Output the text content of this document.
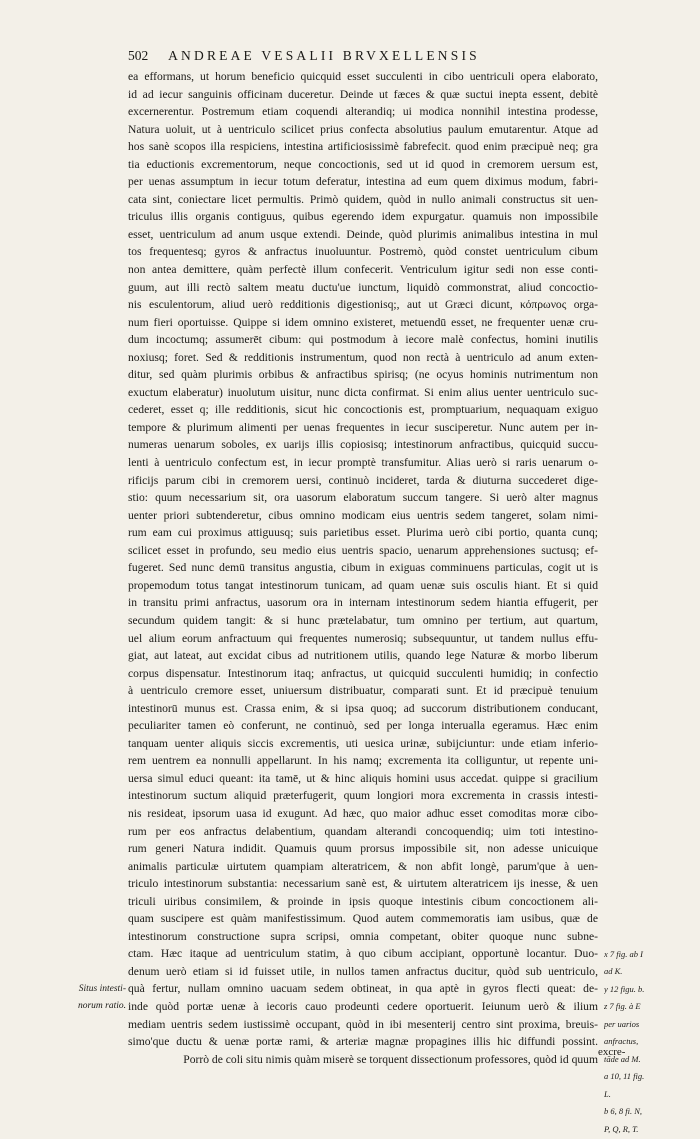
502 ANDREAE VESALII BRVXELLENSIS
ea efformans, ut horum beneficio quicquid esset succulenti in cibo uentriculi opera elaborato,
id ad iecur sanguinis officinam duceretur. Deinde ut fæces & quæ suctui inepta essent, debitè
excernerentur. Postremum etiam coquendi alterandiq; ui modica nonnihil intestina prodesse,
Natura uoluit, ut à uentriculo scilicet prius confecta absolutius paulum emutarentur. Atque ad
hos sanè scopos illa respiciens, intestina artificiosissimè fabrefecit. quod enim præcipuè neq; gra
tia eductionis excrementorum, neque concoctionis, sed ut id quod in cremorem uersum est,
per uenas assumptum in iecur totum deferatur, intestina ad eum quem diximus modum, fabri-
cata sint, coniectare licet permultis. Primò quidem, quòd in nullo animali constructus sit uen-
triculus illis organis contiguus, quibus egerendo idem expurgatur. quamuis non impossibile
esset, uentriculum ad anum usque extendi. Deinde, quòd plurimis animalibus intestina in mul
tos frequentesq; gyros & anfractus inuoluuntur. Postremò, quòd constet uentriculum cibum
non antea demittere, quàm perfectè illum confecerit. Ventriculum igitur sedi non esse conti-
guum, aut illi rectò saltem meatu ductu'ue iunctum, liquidò commonstrat, aliud concoctio-
nis esculentorum, aliud uerò redditionis digestionisq;, aut ut Græci dicunt, κόπρωνος orga-
num fieri oportuisse. Quippe si idem omnino existeret, metuendū esset, ne frequenter uenæ cru-
dum incoctumq; assumerēt cibum: qui postmodum à iecore malè confectus, homini inutilis
noxiusq; foret. Sed & redditionis instrumentum, quod non rectà à uentriculo ad anum exten-
ditur, sed quàm plurimis orbibus & anfractibus spirisq; (ne ocyus hominis nutrimentum non
exuctum elaberatur) inuolutum uisitur, nunc dicta confirmat. Si enim alius uenter uentriculo suc-
cederet, esset q; ille redditionis, sicut hic concoctionis est, promptuarium, nequaquam exiguo
tempore & plurimum alimenti per uenas frequentes in iecur susciperetur. Nunc autem per in-
numeras uenarum soboles, ex uarijs illis copiosisq; intestinorum anfractibus, quicquid succu-
lenti à uentriculo confectum est, in iecur promptè transfumitur. Alias uerò si raris uenarum o-
rificijs parum cibi in cremorem uersi, continuò incideret, tarda & diuturna succederet dige-
stio: quum necessarium sit, ora uasorum elaboratum succum tangere. Si uerò alter magnus
uenter priori subtenderetur, cibus omnino modicam eius uentris sedem tangeret, solam nimi-
rum eam cui proximus attiguusq; suis parietibus esset. Plurima uerò cibi portio, quanta cunq;
scilicet esset in profundo, seu medio eius uentris spacio, uenarum apprehensiones suctusq; ef-
fugeret. Sed nunc demū transitus angustia, cibum in exiguas comminuens particulas, cogit ut is
propemodum totus tangat intestinorum tunicam, ad quam uenæ suis osculis hiant. Et si quid
in transitu primi anfractus, uasorum ora in internam intestinorum sedem hiantia effugerit, per
secundum quidem tangit: & si hunc prætelabatur, tum omnino per tertium, aut quartum,
uel alium eorum anfractuum qui frequentes numerosiq; subsequuntur, ut tandem nullus effu-
giat, aut lateat, aut excidat cibus ad nutritionem utilis, quando lege Naturæ & morbo liberum
corpus dispensatur. Intestinorum itaq; anfractus, ut quicquid succulenti humidiq; in confectio
à uentriculo cremore esset, uniuersum distribuatur, comparati sunt. Et id præcipuè tenuium
intestinorū munus est. Crassa enim, & si ipsa quoq; ad succorum distributionem conducant,
peculiariter tamen eò conferunt, ne continuò, sed per longa interualla egeramus. Hæc enim
tanquam uenter aliquis siccis excrementis, uti uesica urinæ, subijciuntur: unde etiam inferio-
rem uentrem ea nonnulli appellarunt. In his namq; excrementa ita colliguntur, ut repente uni-
uersa simul educi queant: ita tamē, ut & hinc aliquis homini usus accedat. quippe si gracilium
intestinorum suctum aliquid præterfugerit, quum longiori mora excrementa in crassis intesti-
nis resideat, ipsorum uasa id exugunt. Ad hæc, quo maior adhuc esset comoditas moræ cibo-
rum per eos anfractus delabentium, quandam alterandi concoquendiq; uim toti intestino-
rum generi Natura indidit. Quamuis quum prorsus impossibile sit, non adesse unicuique
animalis particulæ uirtutem quampiam alteratricem, & non abfit longè, parum'que à uen-
triculo intestinorum substantia: necessarium sanè est, & uirtutem alteratricem ijs inesse, & uen
triculi uiribus consimilem, & proinde in ipsis quoque intestinis cibum concoctionem ali-
quam suscipere est quàm manifestissimum. Quod autem commemoratis iam usibus, quæ de
intestinorum constructione supra scripsi, omnia competant, obiter quoque nunc subne-
ctam. Hæc itaque ad uentriculum statim, à quo cibum accipiant, opportunè locantur. Duo-
denum uerò etiam si id fuisset utile, in nullos tamen anfractus ducitur, quòd sub uentriculo,
quà fertur, nullam omnino uacuam sedem obtineat, in qua aptè in gyros flecti queat: de-
inde quòd portæ uenæ à iecoris cauo prodeunti cedere oportuerit. Ieiunum uerò & ilium
mediam uentris sedem iustissimè occupant, quòd in ibi mesenterij centro sint proxima, breuis-
simo'que ductu & uenæ portæ rami, & arteriæ magnæ propagines illis hic diffundi possint.
Porrò de coli situ nimis quàm miserè se torquent dissectionum professores, quòd id quum
Situs intesti-
norum ratio.
x 7 fig. ab I
ad K.
y 12 figu. b.
z 7 fig. à E
per uarios
anfractus,
tāde ad M.
a 10, 11 fig.
L.
b 6, 8 fi. N,
P, Q, R, T.
excre-
